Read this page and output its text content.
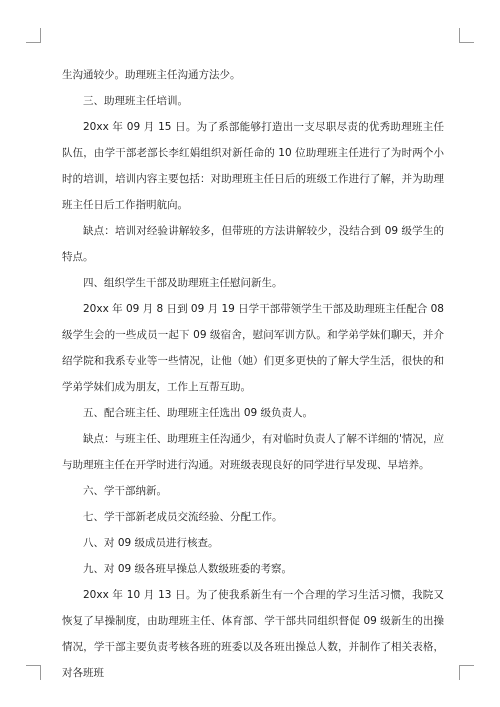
生沟通较少。助理班主任沟通方法少。

三、助理班主任培训。

20xx 年 09 月 15 日。为了系部能够打造出一支尽职尽责的优秀助理班主任队伍，由学干部老部长李红娟组织对新任命的 10 位助理班主任进行了为时两个小时的培训，培训内容主要包括：对助理班主任日后的班级工作进行了解，并为助理班主任日后工作指明航向。

缺点：培训对经验讲解较多，但带班的方法讲解较少，没结合到 09 级学生的特点。

四、组织学生干部及助理班主任慰问新生。

20xx 年 09 月 8 日到 09 月 19 日学干部带领学生干部及助理班主任配合 08 级学生会的一些成员一起下 09 级宿舍，慰问军训方队。和学弟学妹们聊天，并介绍学院和我系专业等一些情况，让他（她）们更多更快的了解大学生活，很快的和学弟学妹们成为朋友，工作上互帮互助。

五、配合班主任、助理班主任选出 09 级负责人。

缺点：与班主任、助理班主任沟通少，有对临时负责人了解不详细的'情况，应与助理班主任在开学时进行沟通。对班级表现良好的同学进行早发现、早培养。

六、学干部纳新。

七、学干部新老成员交流经验、分配工作。

八、对 09 级成员进行核查。

九、对 09 级各班早操总人数级班委的考察。

20xx 年 10 月 13 日。为了使我系新生有一个合理的学习生活习惯，我院又恢复了早操制度，由助理班主任、体育部、学干部共同组织督促 09 级新生的出操情况，学干部主要负责考核各班的班委以及各班出操总人数，并制作了相关表格，对各班班
